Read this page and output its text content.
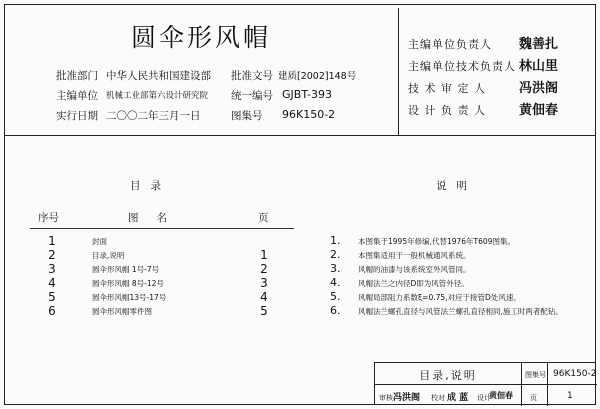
圆伞形风帽
批准部门 中华人民共和国建设部 批准文号 建质[2002]148号
主编单位 机械工业部第六设计研究院 统一编号 GJBT-393
实行日期 二〇〇二年三月一日	图集号 96K150-2
主编单位负责人 魏善扎
主编单位技术负责人 林山里
技 术 审 定 人	冯洪阁
设 计 负 责 人	黄佃春
目录
序号	图名	页
1	封面
2	目录,说明	1
3	圆伞形风帽 1号-7号	2
4	圆伞形风帽 8号-12号	3
5	圆伞形风帽13号-17号	4
6	圆伞形风帽零件图	5
说明
1. 本图集于1995年修编,代替1976年T609图集。
2. 本图集适用于一般机械通风系统。
3. 风帽的油漆与该系统室外风管同。
4. 风帽法兰之内径D即为风管外径。
5. 风帽局部阻力系数ξ=0.75,对应于接管D处风速。
6. 风帽法兰螺孔直径与风管法兰螺孔直径相同,施工时两者配钻。
目录,说明	图集号 96K150-2
审核 冯洪阁 校对 成 蓝 设计
黄佃春 页	1
